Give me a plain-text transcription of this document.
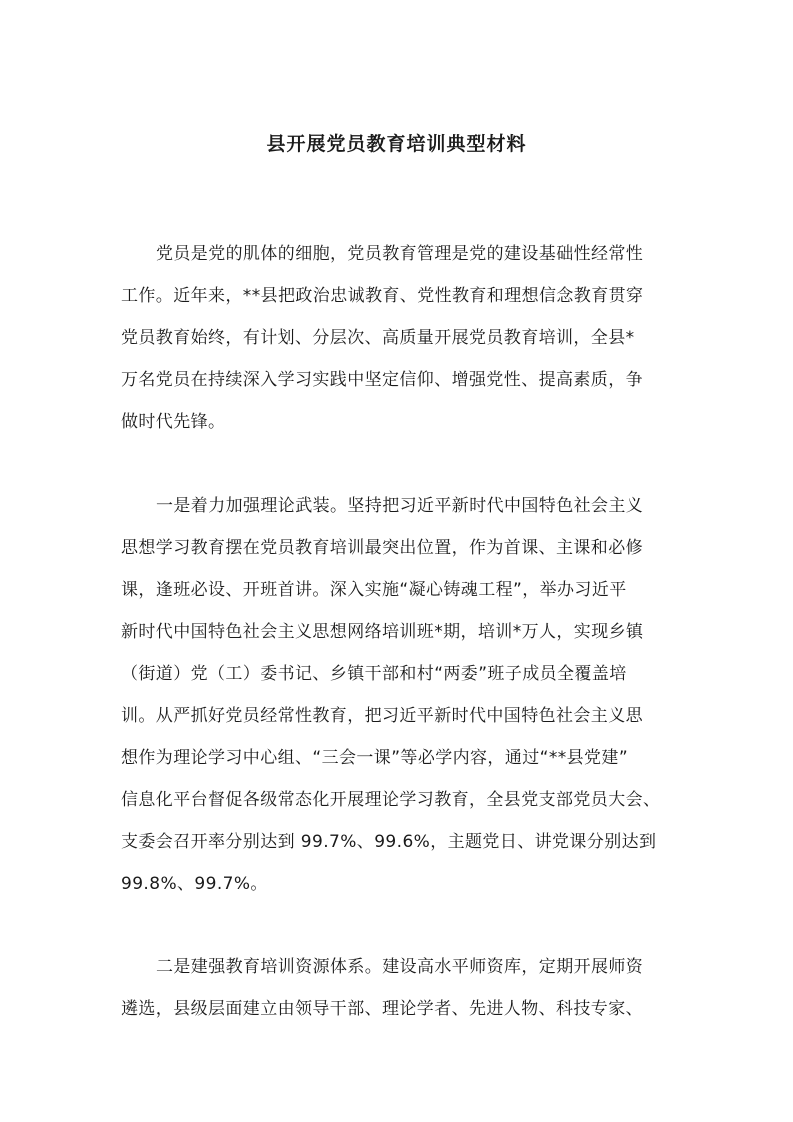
县开展党员教育培训典型材料

党员是党的肌体的细胞，党员教育管理是党的建设基础性经常性

工作。近年来，**县把政治忠诚教育、党性教育和理想信念教育贯穿

党员教育始终，有计划、分层次、高质量开展党员教育培训，全县*

万名党员在持续深入学习实践中坚定信仰、增强党性、提高素质，争

做时代先锋。

一是着力加强理论武装。坚持把习近平新时代中国特色社会主义

思想学习教育摆在党员教育培训最突出位置，作为首课、主课和必修

课，逢班必设、开班首讲。深入实施“凝心铸魂工程”，举办习近平

新时代中国特色社会主义思想网络培训班*期，培训*万人，实现乡镇

（街道）党（工）委书记、乡镇干部和村“两委”班子成员全覆盖培

训。从严抓好党员经常性教育，把习近平新时代中国特色社会主义思

想作为理论学习中心组、“三会一课”等必学内容，通过“**县党建”

信息化平台督促各级常态化开展理论学习教育，全县党支部党员大会、

支委会召开率分别达到 99.7%、99.6%，主题党日、讲党课分别达到

99.8%、99.7%。

二是建强教育培训资源体系。建设高水平师资库，定期开展师资

遴选，县级层面建立由领导干部、理论学者、先进人物、科技专家、
